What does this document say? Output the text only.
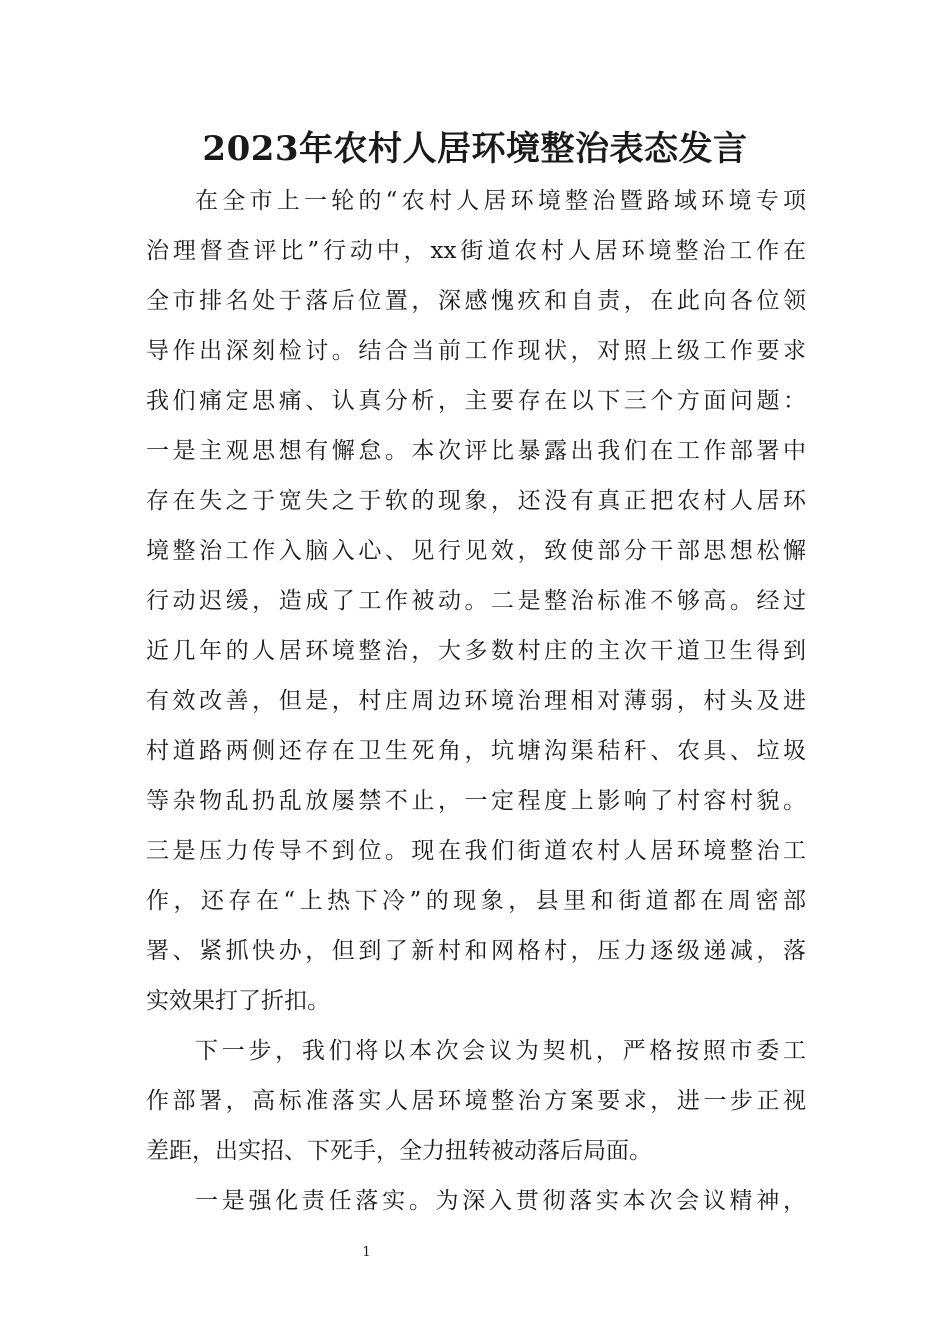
2023年农村人居环境整治表态发言
在全市上一轮的“农村人居环境整治暨路域环境专项
治理督查评比”行动中，xx街道农村人居环境整治工作在
全市排名处于落后位置，深感愧疚和自责，在此向各位领
导作出深刻检讨。结合当前工作现状，对照上级工作要求
我们痛定思痛、认真分析，主要存在以下三个方面问题：
一是主观思想有懈怠。本次评比暴露出我们在工作部署中
存在失之于宽失之于软的现象，还没有真正把农村人居环
境整治工作入脑入心、见行见效，致使部分干部思想松懈
行动迟缓，造成了工作被动。二是整治标准不够高。经过
近几年的人居环境整治，大多数村庄的主次干道卫生得到
有效改善，但是，村庄周边环境治理相对薄弱，村头及进
村道路两侧还存在卫生死角，坑塘沟渠秸秆、农具、垃圾
等杂物乱扔乱放屡禁不止，一定程度上影响了村容村貌。
三是压力传导不到位。现在我们街道农村人居环境整治工
作，还存在“上热下冷”的现象，县里和街道都在周密部
署、紧抓快办，但到了新村和网格村，压力逐级递减，落
实效果打了折扣。
下一步，我们将以本次会议为契机，严格按照市委工
作部署，高标准落实人居环境整治方案要求，进一步正视
差距，出实招、下死手，全力扭转被动落后局面。
一是强化责任落实。为深入贯彻落实本次会议精神，
1
